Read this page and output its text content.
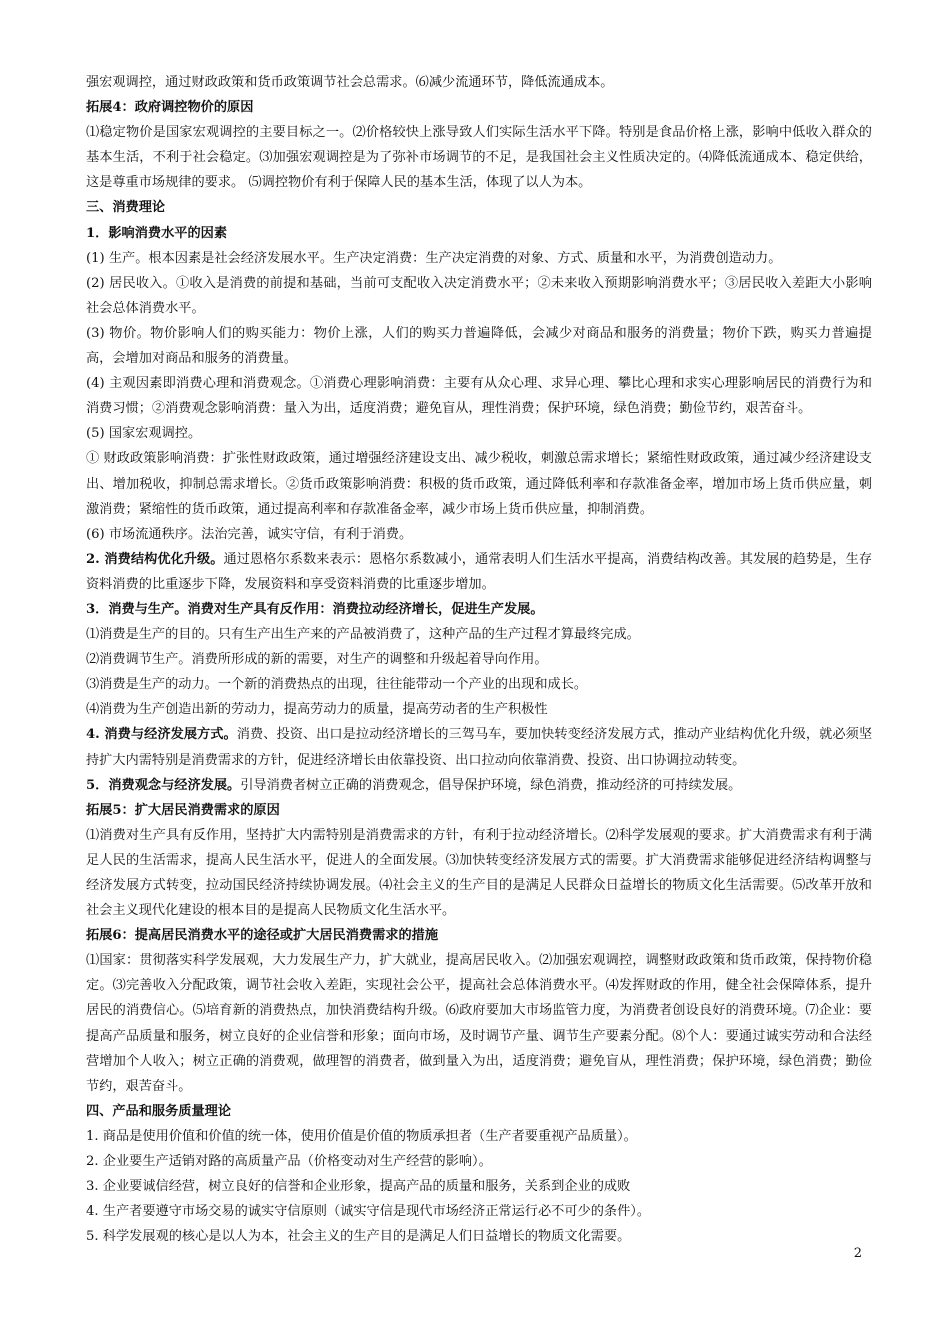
强宏观调控，通过财政政策和货币政策调节社会总需求。⑹减少流通环节，降低流通成本。

拓展4：政府调控物价的原因

⑴稳定物价是国家宏观调控的主要目标之一。⑵价格较快上涨导致人们实际生活水平下降。特别是食品价格上涨，影响中低收入群众的基本生活，不利于社会稳定。⑶加强宏观调控是为了弥补市场调节的不足，是我国社会主义性质决定的。⑷降低流通成本、稳定供给，这是尊重市场规律的要求。 ⑸调控物价有利于保障人民的基本生活，体现了以人为本。

三、消费理论

1．影响消费水平的因素

(1) 生产。根本因素是社会经济发展水平。生产决定消费：生产决定消费的对象、方式、质量和水平，为消费创造动力。

(2) 居民收入。①收入是消费的前提和基础，当前可支配收入决定消费水平；②未来收入预期影响消费水平；③居民收入差距大小影响社会总体消费水平。

(3) 物价。物价影响人们的购买能力：物价上涨，人们的购买力普遍降低，会减少对商品和服务的消费量；物价下跌，购买力普遍提高，会增加对商品和服务的消费量。

(4) 主观因素即消费心理和消费观念。①消费心理影响消费：主要有从众心理、求异心理、攀比心理和求实心理影响居民的消费行为和消费习惯；②消费观念影响消费：量入为出，适度消费；避免盲从，理性消费；保护环境，绿色消费；勤俭节约，艰苦奋斗。

(5) 国家宏观调控。

① 财政政策影响消费：扩张性财政政策，通过增强经济建设支出、减少税收，刺激总需求增长；紧缩性财政政策，通过减少经济建设支出、增加税收，抑制总需求增长。②货币政策影响消费：积极的货币政策，通过降低利率和存款准备金率，增加市场上货币供应量，刺激消费；紧缩性的货币政策，通过提高利率和存款准备金率，减少市场上货币供应量，抑制消费。

(6) 市场流通秩序。法治完善，诚实守信，有利于消费。

2. 消费结构优化升级。通过恩格尔系数来表示：恩格尔系数减小，通常表明人们生活水平提高，消费结构改善。其发展的趋势是，生存资料消费的比重逐步下降，发展资料和享受资料消费的比重逐步增加。

3．消费与生产。消费对生产具有反作用：消费拉动经济增长，促进生产发展。

⑴消费是生产的目的。只有生产出生产来的产品被消费了，这种产品的生产过程才算最终完成。

⑵消费调节生产。消费所形成的新的需要，对生产的调整和升级起着导向作用。

⑶消费是生产的动力。一个新的消费热点的出现，往往能带动一个产业的出现和成长。

⑷消费为生产创造出新的劳动力，提高劳动力的质量，提高劳动者的生产积极性

4. 消费与经济发展方式。消费、投资、出口是拉动经济增长的三驾马车，要加快转变经济发展方式，推动产业结构优化升级，就必须坚持扩大内需特别是消费需求的方针，促进经济增长由依靠投资、出口拉动向依靠消费、投资、出口协调拉动转变。

5．消费观念与经济发展。引导消费者树立正确的消费观念，倡导保护环境，绿色消费，推动经济的可持续发展。

拓展5：扩大居民消费需求的原因

⑴消费对生产具有反作用，坚持扩大内需特别是消费需求的方针，有利于拉动经济增长。⑵科学发展观的要求。扩大消费需求有利于满足人民的生活需求，提高人民生活水平，促进人的全面发展。⑶加快转变经济发展方式的需要。扩大消费需求能够促进经济结构调整与经济发展方式转变，拉动国民经济持续协调发展。⑷社会主义的生产目的是满足人民群众日益增长的物质文化生活需要。⑸改革开放和社会主义现代化建设的根本目的是提高人民物质文化生活水平。

拓展6：提高居民消费水平的途径或扩大居民消费需求的措施

⑴国家：贯彻落实科学发展观，大力发展生产力，扩大就业，提高居民收入。⑵加强宏观调控，调整财政政策和货币政策，保持物价稳定。⑶完善收入分配政策，调节社会收入差距，实现社会公平，提高社会总体消费水平。⑷发挥财政的作用，健全社会保障体系，提升居民的消费信心。⑸培育新的消费热点，加快消费结构升级。⑹政府要加大市场监管力度，为消费者创设良好的消费环境。⑺企业：要提高产品质量和服务，树立良好的企业信誉和形象；面向市场，及时调节产量、调节生产要素分配。⑻个人：要通过诚实劳动和合法经营增加个人收入；树立正确的消费观，做理智的消费者，做到量入为出，适度消费；避免盲从，理性消费；保护环境，绿色消费；勤俭节约，艰苦奋斗。

四、产品和服务质量理论

1. 商品是使用价值和价值的统一体，使用价值是价值的物质承担者（生产者要重视产品质量）。

2. 企业要生产适销对路的高质量产品（价格变动对生产经营的影响）。

3. 企业要诚信经营，树立良好的信誉和企业形象，提高产品的质量和服务，关系到企业的成败

4. 生产者要遵守市场交易的诚实守信原则（诚实守信是现代市场经济正常运行必不可少的条件）。

5. 科学发展观的核心是以人为本，社会主义的生产目的是满足人们日益增长的物质文化需要。

2
